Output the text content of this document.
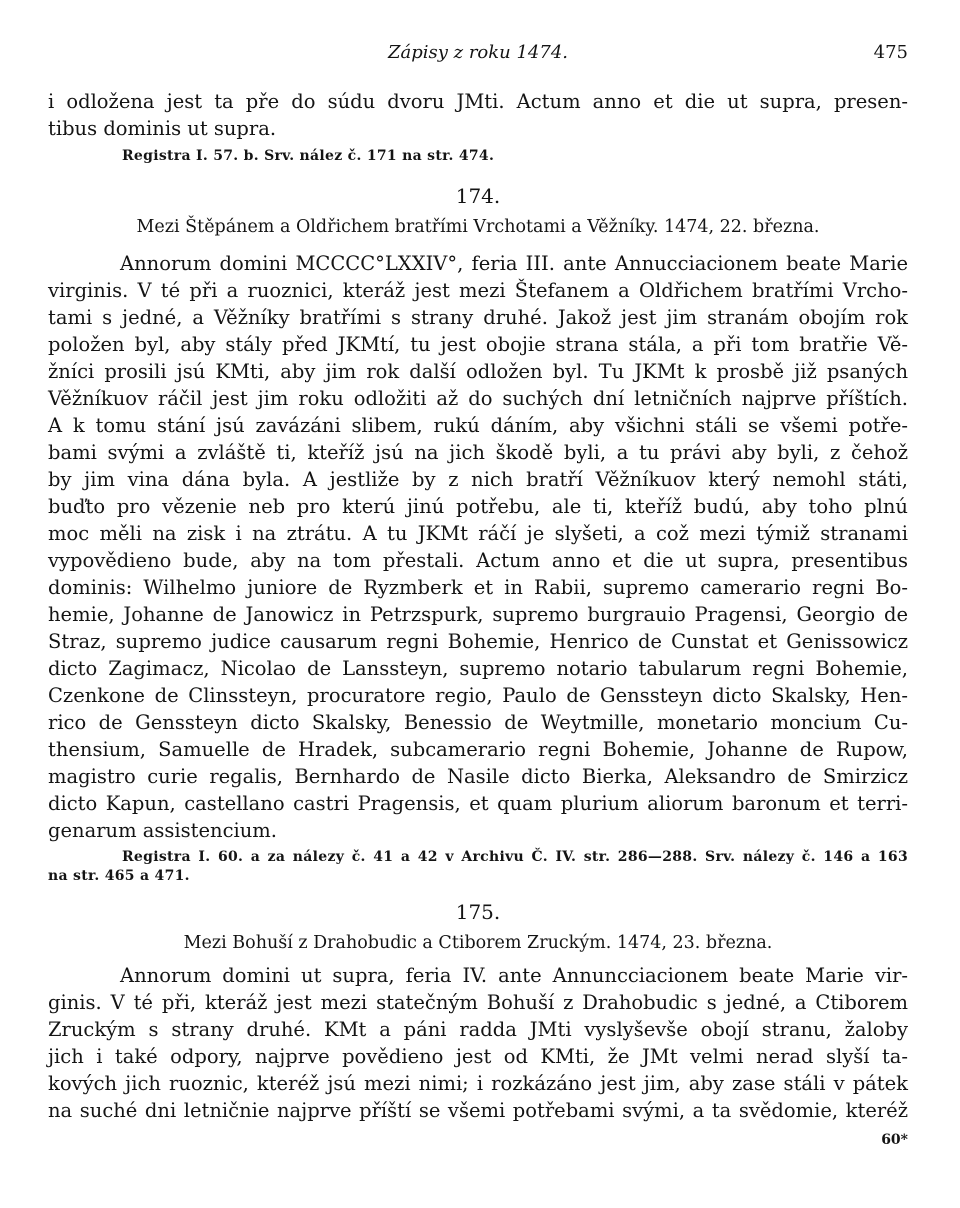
Zápisy z roku 1474.	475
i odložena jest ta pře do súdu dvoru JMti. Actum anno et die ut supra, presen-
tibus dominis ut supra.
Registra I. 57. b. Srv. nález č. 171 na str. 474.
174.
Mezi Štěpánem a Oldřichem bratřími Vrchotami a Věžníky. 1474, 22. března.
Annorum domini MCCCC°LXXIV°, feria III. ante Annucciacionem beate Marie
virginis. V té při a ruoznici, kteráž jest mezi Štefanem a Oldřichem bratřími Vrcho-
tami s jedné, a Věžníky bratřími s strany druhé. Jakož jest jim stranám obojím rok
položen byl, aby stály před JKMtí, tu jest obojie strana stála, a při tom bratřie Vě-
žníci prosili jsú KMti, aby jim rok další odložen byl. Tu JKMt k prosbě již psaných
Věžníkuov ráčil jest jim roku odložiti až do suchých dní letničních najprve příštích.
A k tomu stání jsú zavázáni slibem, rukú dáním, aby všichni stáli se všemi potře-
bami svými a zvláště ti, kteříž jsú na jich škodě byli, a tu právi aby byli, z čehož
by jim vina dána byla. A jestliže by z nich bratří Věžníkuov který nemohl státi,
buďto pro vězenie neb pro kterú jinú potřebu, ale ti, kteříž budú, aby toho plnú
moc měli na zisk i na ztrátu. A tu JKMt ráčí je slyšeti, a což mezi týmiž stranami
vypovědieno bude, aby na tom přestali. Actum anno et die ut supra, presentibus
dominis: Wilhelmo juniore de Ryzmberk et in Rabii, supremo camerario regni Bo-
hemie, Johanne de Janowicz in Petrzspurk, supremo burgrauio Pragensi, Georgio de
Straz, supremo judice causarum regni Bohemie, Henrico de Cunstat et Genissowicz
dicto Zagimacz, Nicolao de Lanssteyn, supremo notario tabularum regni Bohemie,
Czenkone de Clinssteyn, procuratore regio, Paulo de Genssteyn dicto Skalsky, Hen-
rico de Genssteyn dicto Skalsky, Benessio de Weytmille, monetario moncium Cu-
thensium, Samuelle de Hradek, subcamerario regni Bohemie, Johanne de Rupow,
magistro curie regalis, Bernhardo de Nasile dicto Bierka, Aleksandro de Smirzicz
dicto Kapun, castellano castri Pragensis, et quam plurium aliorum baronum et terri-
genarum assistencium.
Registra I. 60. a za nálezy č. 41 a 42 v Archivu Č. IV. str. 286—288. Srv. nálezy č. 146 a 163
na str. 465 a 471.
175.
Mezi Bohuší z Drahobudic a Ctiborem Zruckým. 1474, 23. března.
Annorum domini ut supra, feria IV. ante Annuncciacionem beate Marie vir-
ginis. V té při, kteráž jest mezi statečným Bohuší z Drahobudic s jedné, a Ctiborem
Zruckým s strany druhé. KMt a páni radda JMti vyslyševše obojí stranu, žaloby
jich i také odpory, najprve povědieno jest od KMti, že JMt velmi nerad slyší ta-
kových jich ruoznic, kteréž jsú mezi nimi; i rozkázáno jest jim, aby zase stáli v pátek
na suché dni letničnie najprve příští se všemi potřebami svými, a ta svědomie, kteréž
60*
